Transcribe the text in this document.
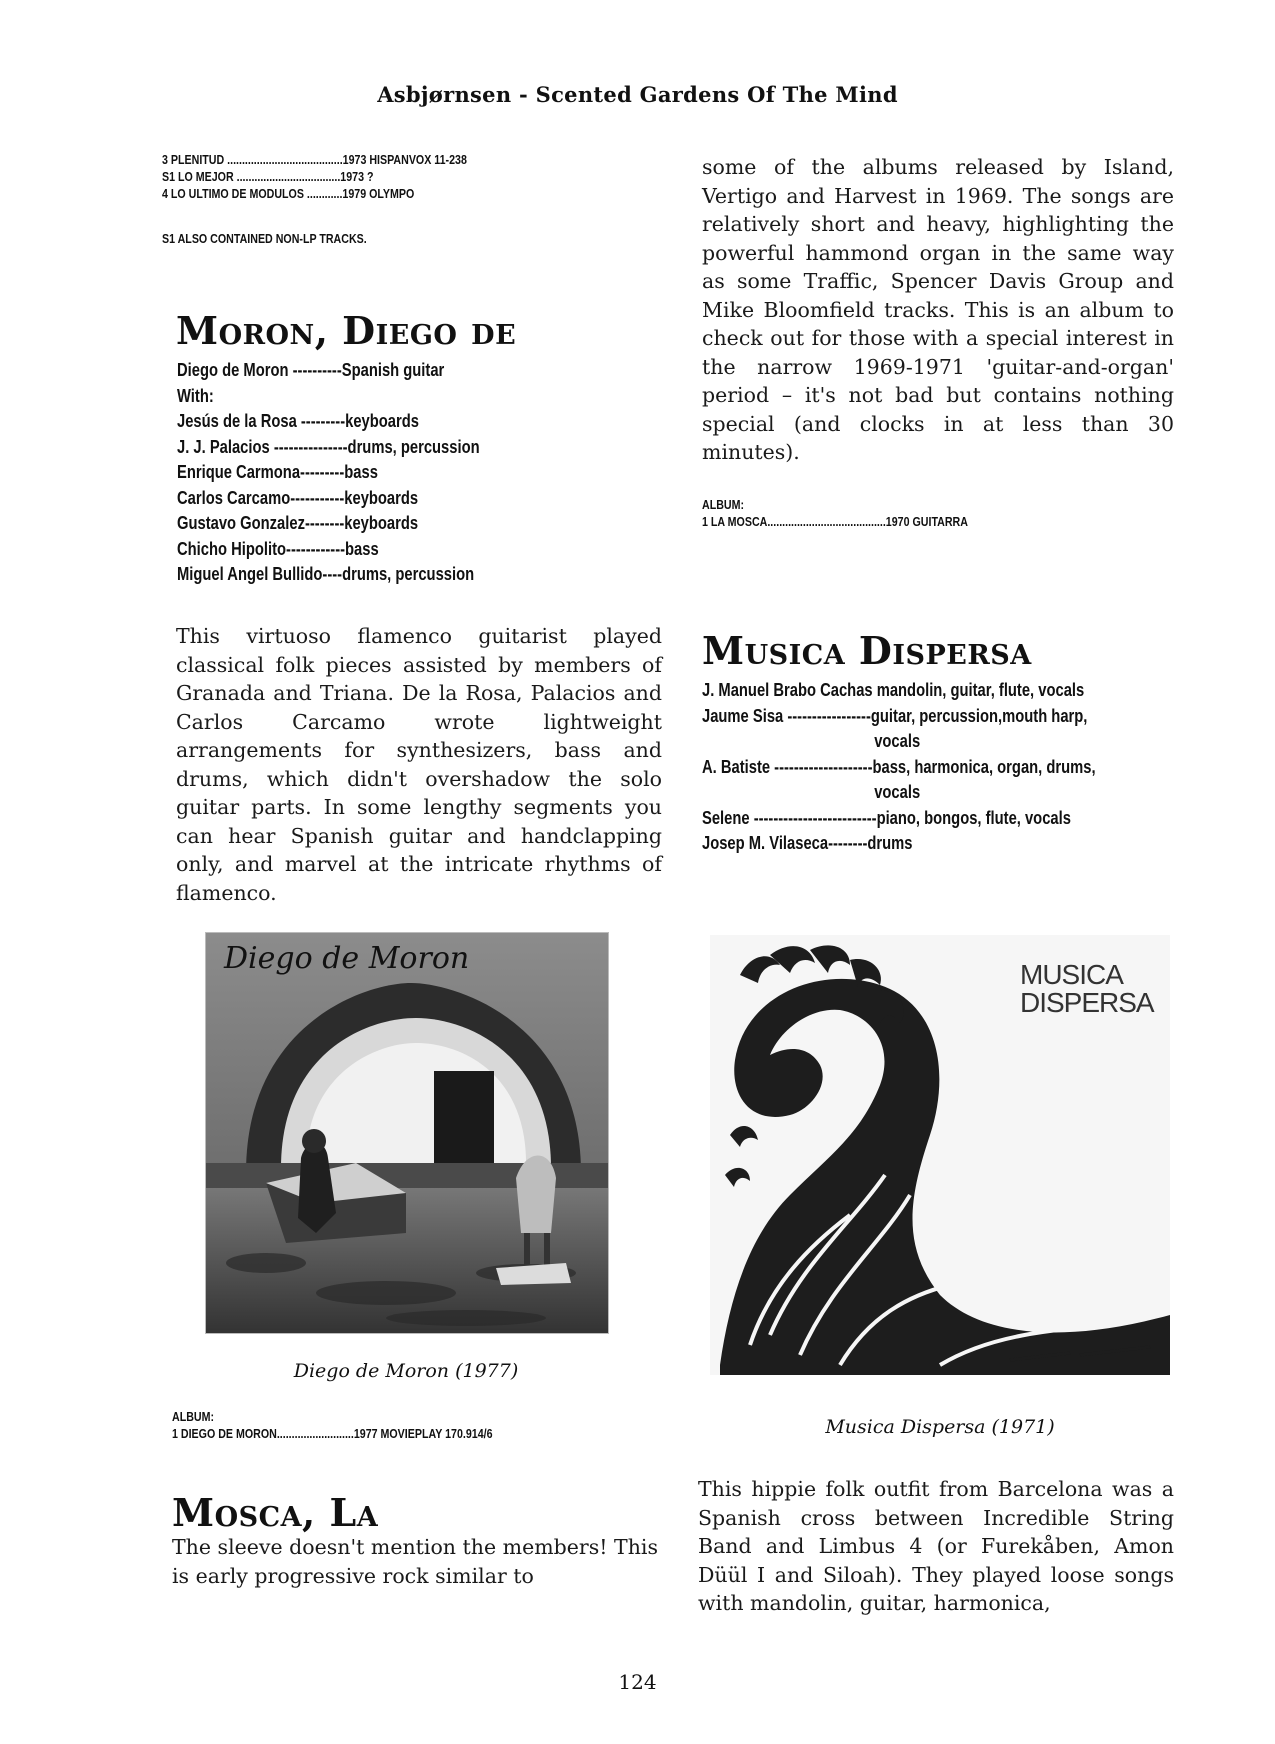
Asbjørnsen - Scented Gardens Of The Mind
3 PLENITUD .......................................1973 HISPANVOX 11-238
S1 LO MEJOR ...................................1973 ?
4 LO ULTIMO DE MODULOS ............1979 OLYMPO
S1 ALSO CONTAINED NON-LP TRACKS.
Moron, Diego de
Diego de Moron ----------Spanish guitar
With:
Jesús de la Rosa ---------keyboards
J. J. Palacios ---------------drums, percussion
Enrique Carmona---------bass
Carlos Carcamo-----------keyboards
Gustavo Gonzalez--------keyboards
Chicho Hipolito------------bass
Miguel Angel Bullido----drums, percussion
This virtuoso flamenco guitarist played classical folk pieces assisted by members of Granada and Triana. De la Rosa, Palacios and Carlos Carcamo wrote lightweight arrangements for synthesizers, bass and drums, which didn't overshadow the solo guitar parts. In some lengthy segments you can hear Spanish guitar and handclapping only, and marvel at the intricate rhythms of flamenco.
Diego de Moron
Diego de Moron (1977)
ALBUM:
1 DIEGO DE MORON..........................1977 MOVIEPLAY 170.914/6
Mosca, La
The sleeve doesn't mention the members! This is early progressive rock similar to
some of the albums released by Island, Vertigo and Harvest in 1969. The songs are relatively short and heavy, highlighting the powerful hammond organ in the same way as some Traffic, Spencer Davis Group and Mike Bloomfield tracks. This is an album to check out for those with a special interest in the narrow 1969-1971 'guitar-and-organ' period – it's not bad but contains nothing special (and clocks in at less than 30 minutes).
ALBUM:
1 LA MOSCA........................................1970 GUITARRA
Musica Dispersa
J. Manuel Brabo Cachas mandolin, guitar, flute, vocals
Jaume Sisa -----------------guitar, percussion,mouth harp,
vocals
A. Batiste --------------------bass, harmonica, organ, drums,
vocals
Selene -------------------------piano, bongos, flute, vocals
Josep M. Vilaseca--------drums
MUSICA
DISPERSA
Musica Dispersa (1971)
This hippie folk outfit from Barcelona was a Spanish cross between Incredible String Band and Limbus 4 (or Furekåben, Amon Düül I and Siloah). They played loose songs with mandolin, guitar, harmonica,
124
